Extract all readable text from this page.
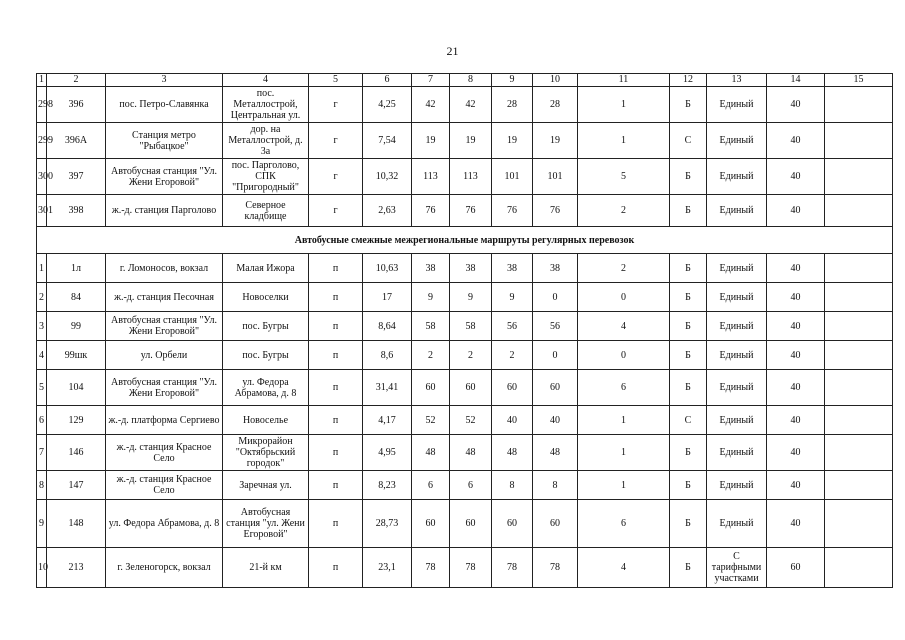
21
1	2	3	4	5	6	7	8	9	10	11	12	13	14	15
298	396	пос. Петро-Славянка	пос. Металлострой, Центральная ул.	г	4,25	42	42	28	28	1	Б	Единый	40	
299	396А	Станция метро "Рыбацкое"	дор. на Металлострой, д. 3а	г	7,54	19	19	19	19	1	С	Единый	40	
300	397	Автобусная станция "Ул. Жени Егоровой"	пос. Парголово, СПК "Пригородный"	г	10,32	113	113	101	101	5	Б	Единый	40	
301	398	ж.-д. станция Парголово	Северное кладбище	г	2,63	76	76	76	76	2	Б	Единый	40	
Автобусные смежные межрегиональные маршруты регулярных перевозок														
1	1л	г. Ломоносов, вокзал	Малая Ижора	п	10,63	38	38	38	38	2	Б	Единый	40	
2	84	ж.-д. станция Песочная	Новоселки	п	17	9	9	9	0	0	Б	Единый	40	
3	99	Автобусная станция "Ул. Жени Егоровой"	пос. Бугры	п	8,64	58	58	56	56	4	Б	Единый	40	
4	99шк	ул. Орбели	пос. Бугры	п	8,6	2	2	2	0	0	Б	Единый	40	
5	104	Автобусная станция "Ул. Жени Егоровой"	ул. Федора Абрамова, д. 8	п	31,41	60	60	60	60	6	Б	Единый	40	
6	129	ж.-д. платформа Сергиево	Новоселье	п	4,17	52	52	40	40	1	С	Единый	40	
7	146	ж.-д. станция Красное Село	Микрорайон "Октябрьский городок"	п	4,95	48	48	48	48	1	Б	Единый	40	
8	147	ж.-д. станция Красное Село	Заречная ул.	п	8,23	6	6	8	8	1	Б	Единый	40	
9	148	ул. Федора Абрамова, д. 8	Автобусная станция "ул. Жени Егоровой"	п	28,73	60	60	60	60	6	Б	Единый	40	
10	213	г. Зеленогорск, вокзал	21-й км	п	23,1	78	78	78	78	4	Б	С тарифными участками	60	
